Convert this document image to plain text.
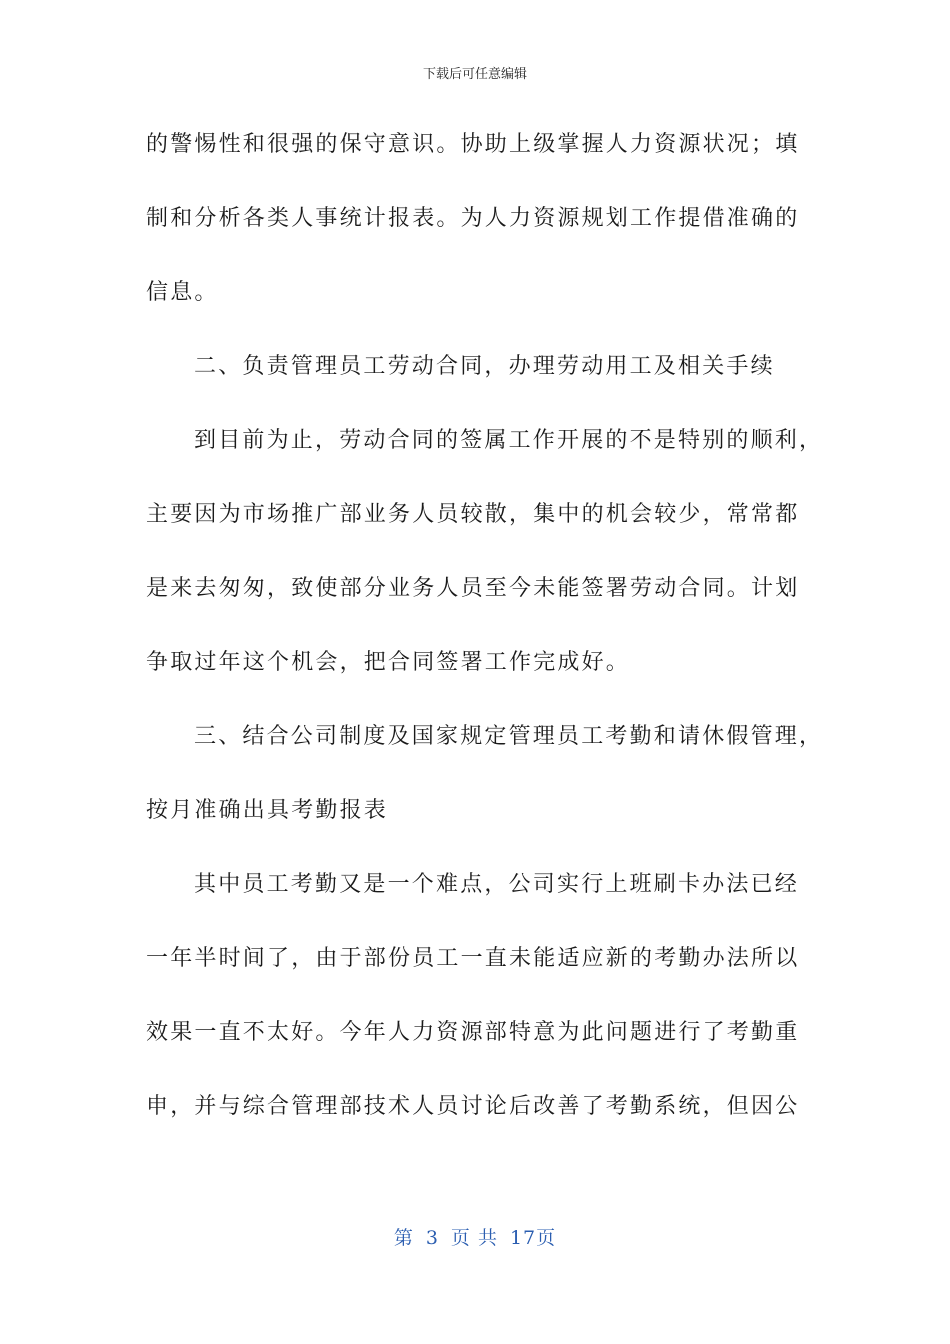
下载后可任意编辑
的警惕性和很强的保守意识。协助上级掌握人力资源状况；填
制和分析各类人事统计报表。为人力资源规划工作提借准确的
信息。
二、负责管理员工劳动合同，办理劳动用工及相关手续
到目前为止，劳动合同的签属工作开展的不是特别的顺利，
主要因为市场推广部业务人员较散，集中的机会较少，常常都
是来去匆匆，致使部分业务人员至今未能签署劳动合同。计划
争取过年这个机会，把合同签署工作完成好。
三、结合公司制度及国家规定管理员工考勤和请休假管理，
按月准确出具考勤报表
其中员工考勤又是一个难点，公司实行上班刷卡办法已经
一年半时间了，由于部份员工一直未能适应新的考勤办法所以
效果一直不太好。今年人力资源部特意为此问题进行了考勤重
申，并与综合管理部技术人员讨论后改善了考勤系统，但因公
第 3 页 共 17页
